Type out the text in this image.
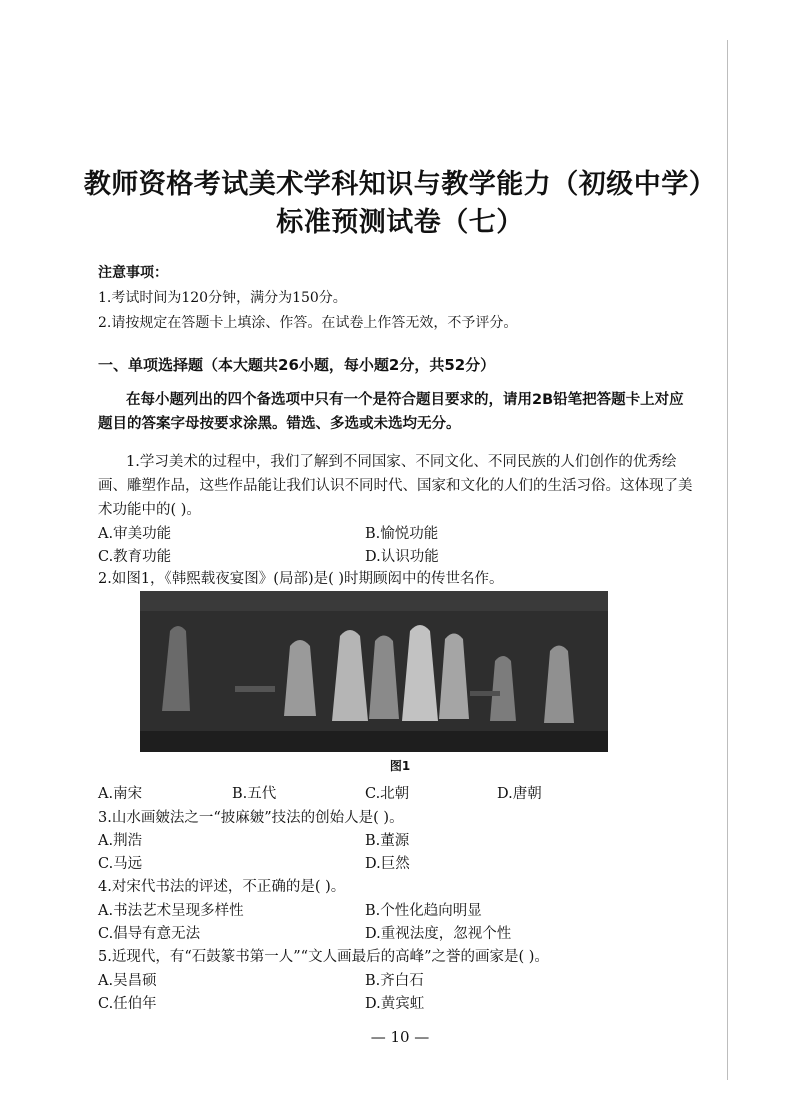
教师资格考试美术学科知识与教学能力（初级中学）
标准预测试卷（七）
注意事项：
1.考试时间为120分钟，满分为150分。
2.请按规定在答题卡上填涂、作答。在试卷上作答无效，不予评分。
一、单项选择题（本大题共26小题，每小题2分，共52分）
在每小题列出的四个备选项中只有一个是符合题目要求的，请用2B铅笔把答题卡上对应题目的答案字母按要求涂黑。错选、多选或未选均无分。
1.学习美术的过程中，我们了解到不同国家、不同文化、不同民族的人们创作的优秀绘画、雕塑作品，这些作品能让我们认识不同时代、国家和文化的人们的生活习俗。这体现了美术功能中的( )。
A.审美功能	B.愉悦功能
C.教育功能	D.认识功能
2.如图1，《韩熙载夜宴图》(局部)是( )时期顾闳中的传世名作。
图1
A.南宋	B.五代	C.北朝	D.唐朝
3.山水画皴法之一“披麻皴”技法的创始人是( )。
A.荆浩	B.董源
C.马远	D.巨然
4.对宋代书法的评述，不正确的是( )。
A.书法艺术呈现多样性	B.个性化趋向明显
C.倡导有意无法	D.重视法度，忽视个性
5.近现代，有“石鼓篆书第一人”“文人画最后的高峰”之誉的画家是( )。
A.吴昌硕	B.齐白石
C.任伯年	D.黄宾虹
— 10 —
